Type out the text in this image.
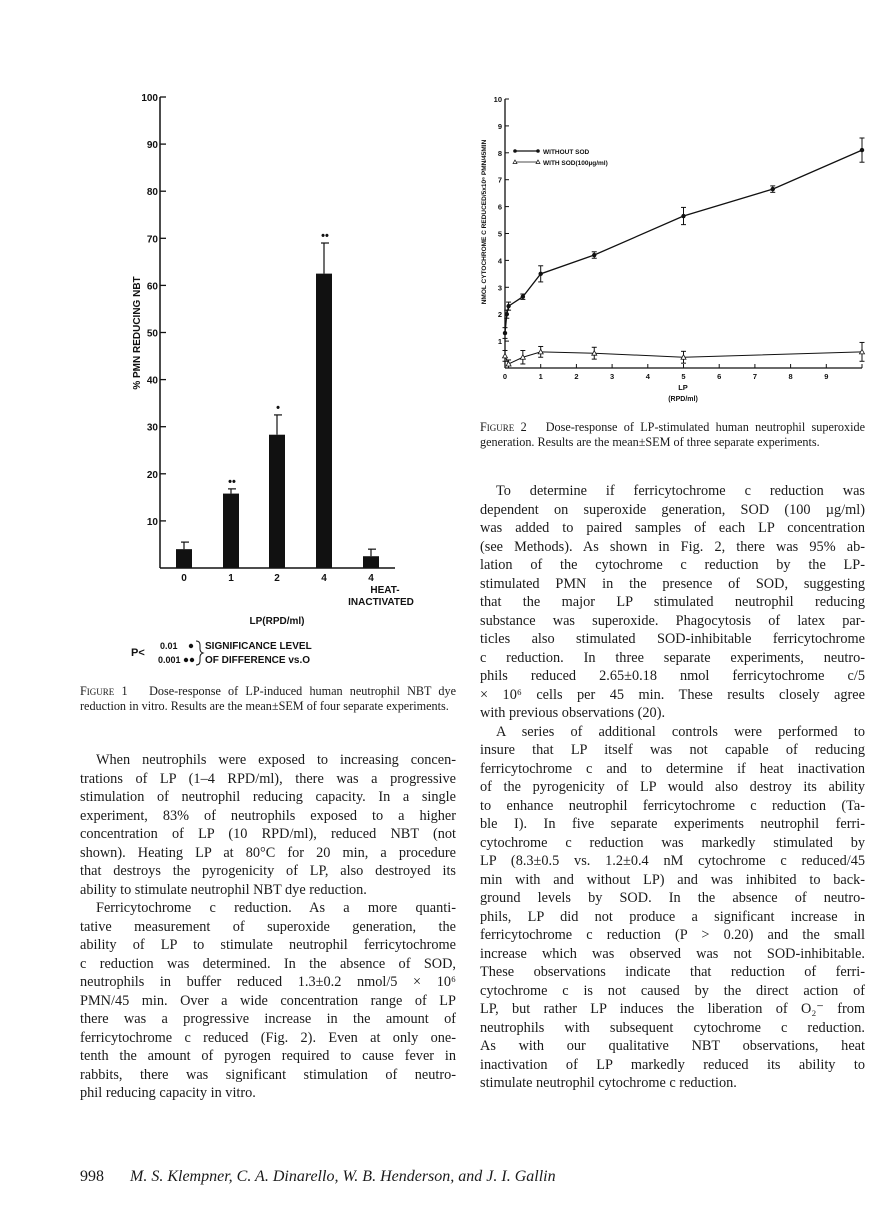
10
20
30
40
50
60
70
80
90
100
% PMN REDUCING NBT
0	1
••
2
•
4
••
4
HEAT-
INACTIVATED
LP(RPD/ml)
P<
0.01
0.001
SIGNIFICANCE LEVEL
OF DIFFERENCE vs.O
1
2
3
4
5
6
7
8
9
10
0	1	2	3	4	5	6	7	8	9
NMOL CYTOCHROME C REDUCED/5x10⁶ PMN/45MIN
LP
(RPD/ml)
WITHOUT SOD
WITH SOD(100µg/ml)
Figure 1 Dose-response of LP-induced human neutrophil NBT dye reduction in vitro. Results are the mean±SEM of four separate experiments.
Figure 2 Dose-response of LP-stimulated human neutrophil superoxide generation. Results are the mean±SEM of three separate experiments.
When neutrophils were exposed to increasing concen-
trations of LP (1–4 RPD/ml), there was a progressive
stimulation of neutrophil reducing capacity. In a single
experiment, 83% of neutrophils exposed to a higher
concentration of LP (10 RPD/ml), reduced NBT (not
shown). Heating LP at 80°C for 20 min, a procedure
that destroys the pyrogenicity of LP, also destroyed its
ability to stimulate neutrophil NBT dye reduction.
Ferricytochrome c reduction. As a more quanti-
tative measurement of superoxide generation, the
ability of LP to stimulate neutrophil ferricytochrome
c reduction was determined. In the absence of SOD,
neutrophils in buffer reduced 1.3±0.2 nmol/5 × 10⁶
PMN/45 min. Over a wide concentration range of LP
there was a progressive increase in the amount of
ferricytochrome c reduced (Fig. 2). Even at only one-
tenth the amount of pyrogen required to cause fever in
rabbits, there was significant stimulation of neutro-
phil reducing capacity in vitro.
To determine if ferricytochrome c reduction was
dependent on superoxide generation, SOD (100 µg/ml)
was added to paired samples of each LP concentration
(see Methods). As shown in Fig. 2, there was 95% ab-
lation of the cytochrome c reduction by the LP-
stimulated PMN in the presence of SOD, suggesting
that the major LP stimulated neutrophil reducing
substance was superoxide. Phagocytosis of latex par-
ticles also stimulated SOD-inhibitable ferricytochrome
c reduction. In three separate experiments, neutro-
phils reduced 2.65±0.18 nmol ferricytochrome c/5
× 10⁶ cells per 45 min. These results closely agree
with previous observations (20).
A series of additional controls were performed to
insure that LP itself was not capable of reducing
ferricytochrome c and to determine if heat inactivation
of the pyrogenicity of LP would also destroy its ability
to enhance neutrophil ferricytochrome c reduction (Ta-
ble I). In five separate experiments neutrophil ferri-
cytochrome c reduction was markedly stimulated by
LP (8.3±0.5 vs. 1.2±0.4 nM cytochrome c reduced/45
min with and without LP) and was inhibited to back-
ground levels by SOD. In the absence of neutro-
phils, LP did not produce a significant increase in
ferricytochrome c reduction (P > 0.20) and the small
increase which was observed was not SOD-inhibitable.
These observations indicate that reduction of ferri-
cytochrome c is not caused by the direct action of
LP, but rather LP induces the liberation of O₂⁻ from
neutrophils with subsequent cytochrome c reduction.
As with our qualitative NBT observations, heat
inactivation of LP markedly reduced its ability to
stimulate neutrophil cytochrome c reduction.
998 M. S. Klempner, C. A. Dinarello, W. B. Henderson, and J. I. Gallin
